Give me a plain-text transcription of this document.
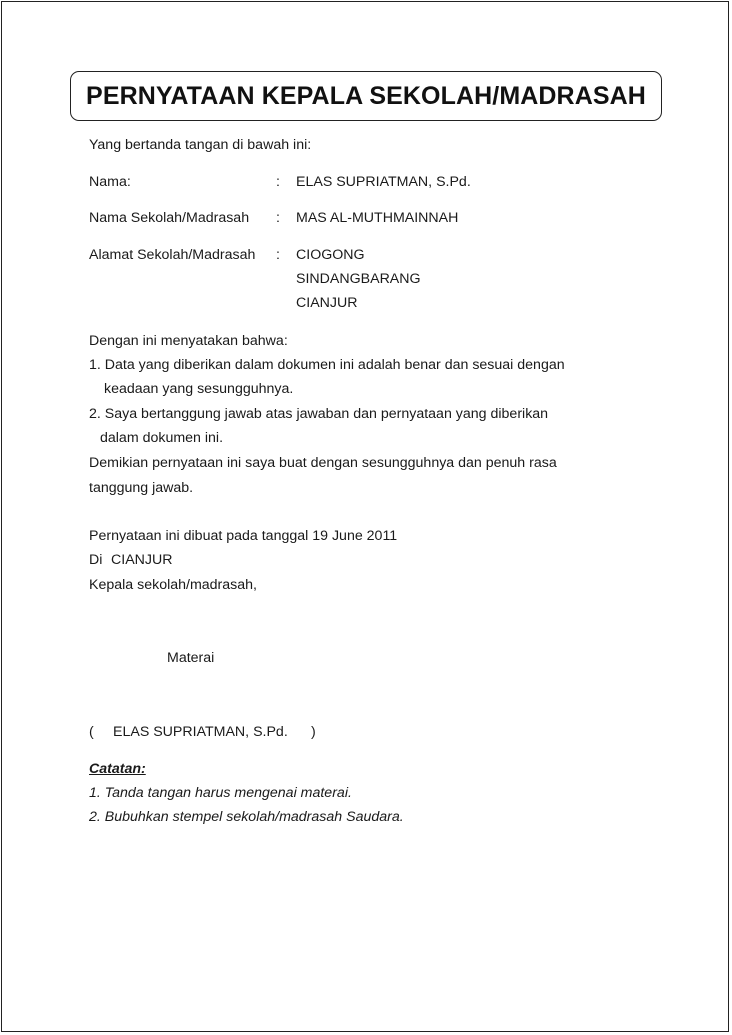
PERNYATAAN KEPALA SEKOLAH/MADRASAH
Yang bertanda tangan di bawah ini:
Nama:	: ELAS SUPRIATMAN, S.Pd.
Nama Sekolah/Madrasah : MAS AL-MUTHMAINNAH
Alamat Sekolah/Madrasah : CIOGONG
SINDANGBARANG
CIANJUR
Dengan ini menyatakan bahwa:
1. Data yang diberikan dalam dokumen ini adalah benar dan sesuai dengan
keadaan yang sesungguhnya.
2. Saya bertanggung jawab atas jawaban dan pernyataan yang diberikan
dalam dokumen ini.
Demikian pernyataan ini saya buat dengan sesungguhnya dan penuh rasa
tanggung jawab.
Pernyataan ini dibuat pada tanggal 19 June 2011
Di CIANJUR
Kepala sekolah/madrasah,
Materai
( ELAS SUPRIATMAN, S.Pd. )
Catatan:
1. Tanda tangan harus mengenai materai.
2. Bubuhkan stempel sekolah/madrasah Saudara.
